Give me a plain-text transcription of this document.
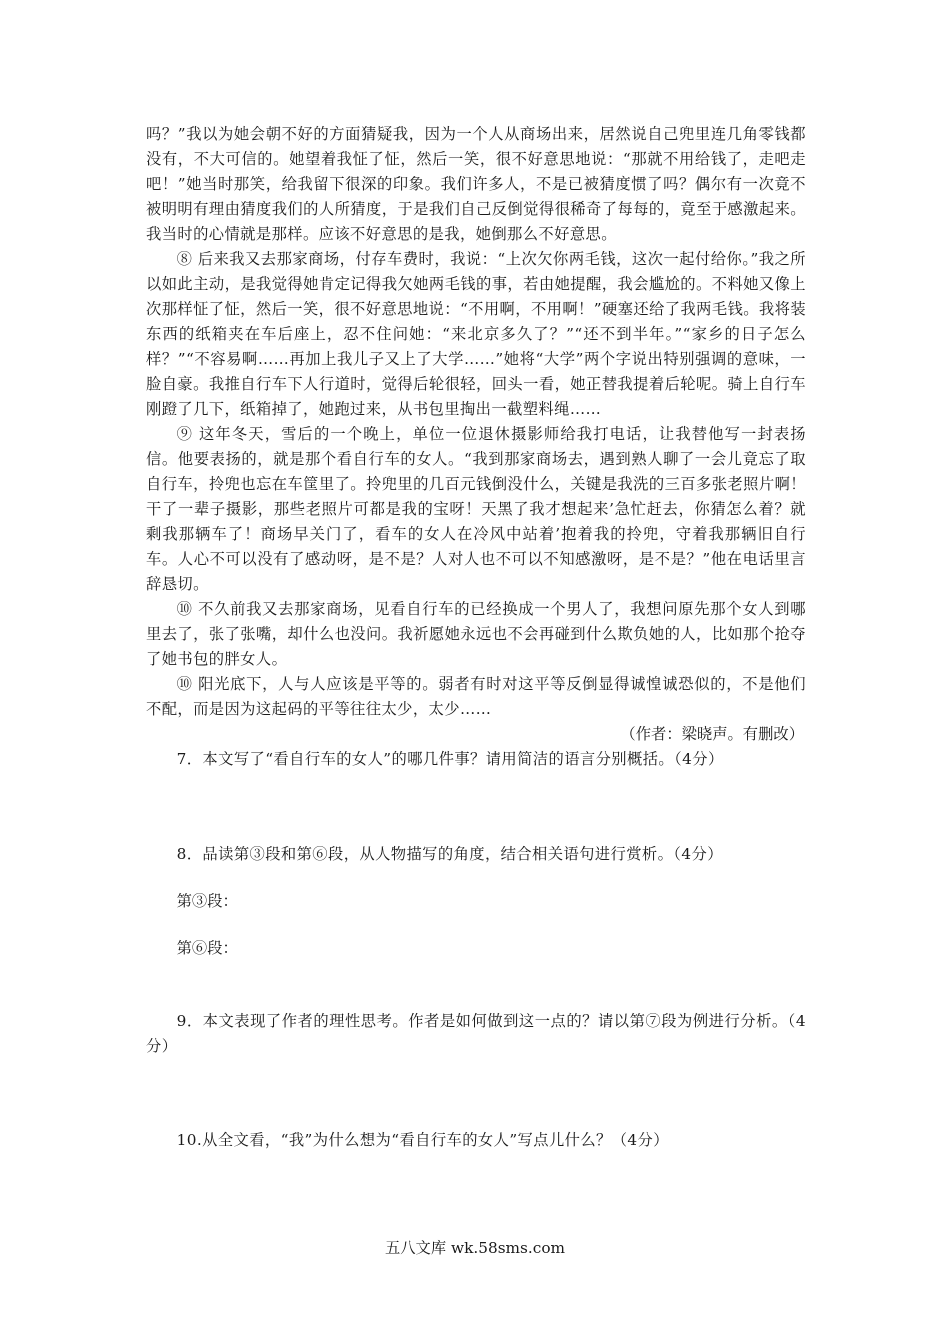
吗？”我以为她会朝不好的方面猜疑我，因为一个人从商场出来，居然说自己兜里连几角零钱都没有，不大可信的。她望着我怔了怔，然后一笑，很不好意思地说：“那就不用给钱了，走吧走吧！”她当时那笑，给我留下很深的印象。我们许多人，不是已被猜度惯了吗？偶尔有一次竟不被明明有理由猜度我们的人所猜度，于是我们自己反倒觉得很稀奇了每每的，竟至于感激起来。我当时的心情就是那样。应该不好意思的是我，她倒那么不好意思。

⑧ 后来我又去那家商场，付存车费时，我说：“上次欠你两毛钱，这次一起付给你。”我之所以如此主动，是我觉得她肯定记得我欠她两毛钱的事，若由她提醒，我会尴尬的。不料她又像上次那样怔了怔，然后一笑，很不好意思地说：“不用啊，不用啊！”硬塞还给了我两毛钱。我将装东西的纸箱夹在车后座上，忍不住问她：“来北京多久了？”“还不到半年。”“家乡的日子怎么样？”“不容易啊……再加上我儿子又上了大学……”她将“大学”两个字说出特别强调的意味，一脸自豪。我推自行车下人行道时，觉得后轮很轻，回头一看，她正替我提着后轮呢。骑上自行车刚蹬了几下，纸箱掉了，她跑过来，从书包里掏出一截塑料绳……

⑨ 这年冬天，雪后的一个晚上，单位一位退休摄影师给我打电话，让我替他写一封表扬信。他要表扬的，就是那个看自行车的女人。“我到那家商场去，遇到熟人聊了一会儿竟忘了取自行车，拎兜也忘在车筐里了。拎兜里的几百元钱倒没什么，关键是我洗的三百多张老照片啊！干了一辈子摄影，那些老照片可都是我的宝呀！天黑了我才想起来’急忙赶去，你猜怎么着？就剩我那辆车了！商场早关门了，看车的女人在冷风中站着’抱着我的拎兜，守着我那辆旧自行车。人心不可以没有了感动呀，是不是？人对人也不可以不知感激呀，是不是？”他在电话里言辞恳切。

⑩ 不久前我又去那家商场，见看自行车的已经换成一个男人了，我想问原先那个女人到哪里去了，张了张嘴，却什么也没问。我祈愿她永远也不会再碰到什么欺负她的人，比如那个抢夺了她书包的胖女人。

⑩ 阳光底下，人与人应该是平等的。弱者有时对这平等反倒显得诚惶诚恐似的，不是他们不配，而是因为这起码的平等往往太少，太少……

（作者：梁晓声。有删改）

7．本文写了“看自行车的女人”的哪几件事？请用简洁的语言分别概括。（4分）

8．品读第③段和第⑥段，从人物描写的角度，结合相关语句进行赏析。（4分）

第③段：

第⑥段：

9．本文表现了作者的理性思考。作者是如何做到这一点的？请以第⑦段为例进行分析。（4分）

10.从全文看，“我”为什么想为“看自行车的女人”写点儿什么？（4分）

五八文库 wk.58sms.com
